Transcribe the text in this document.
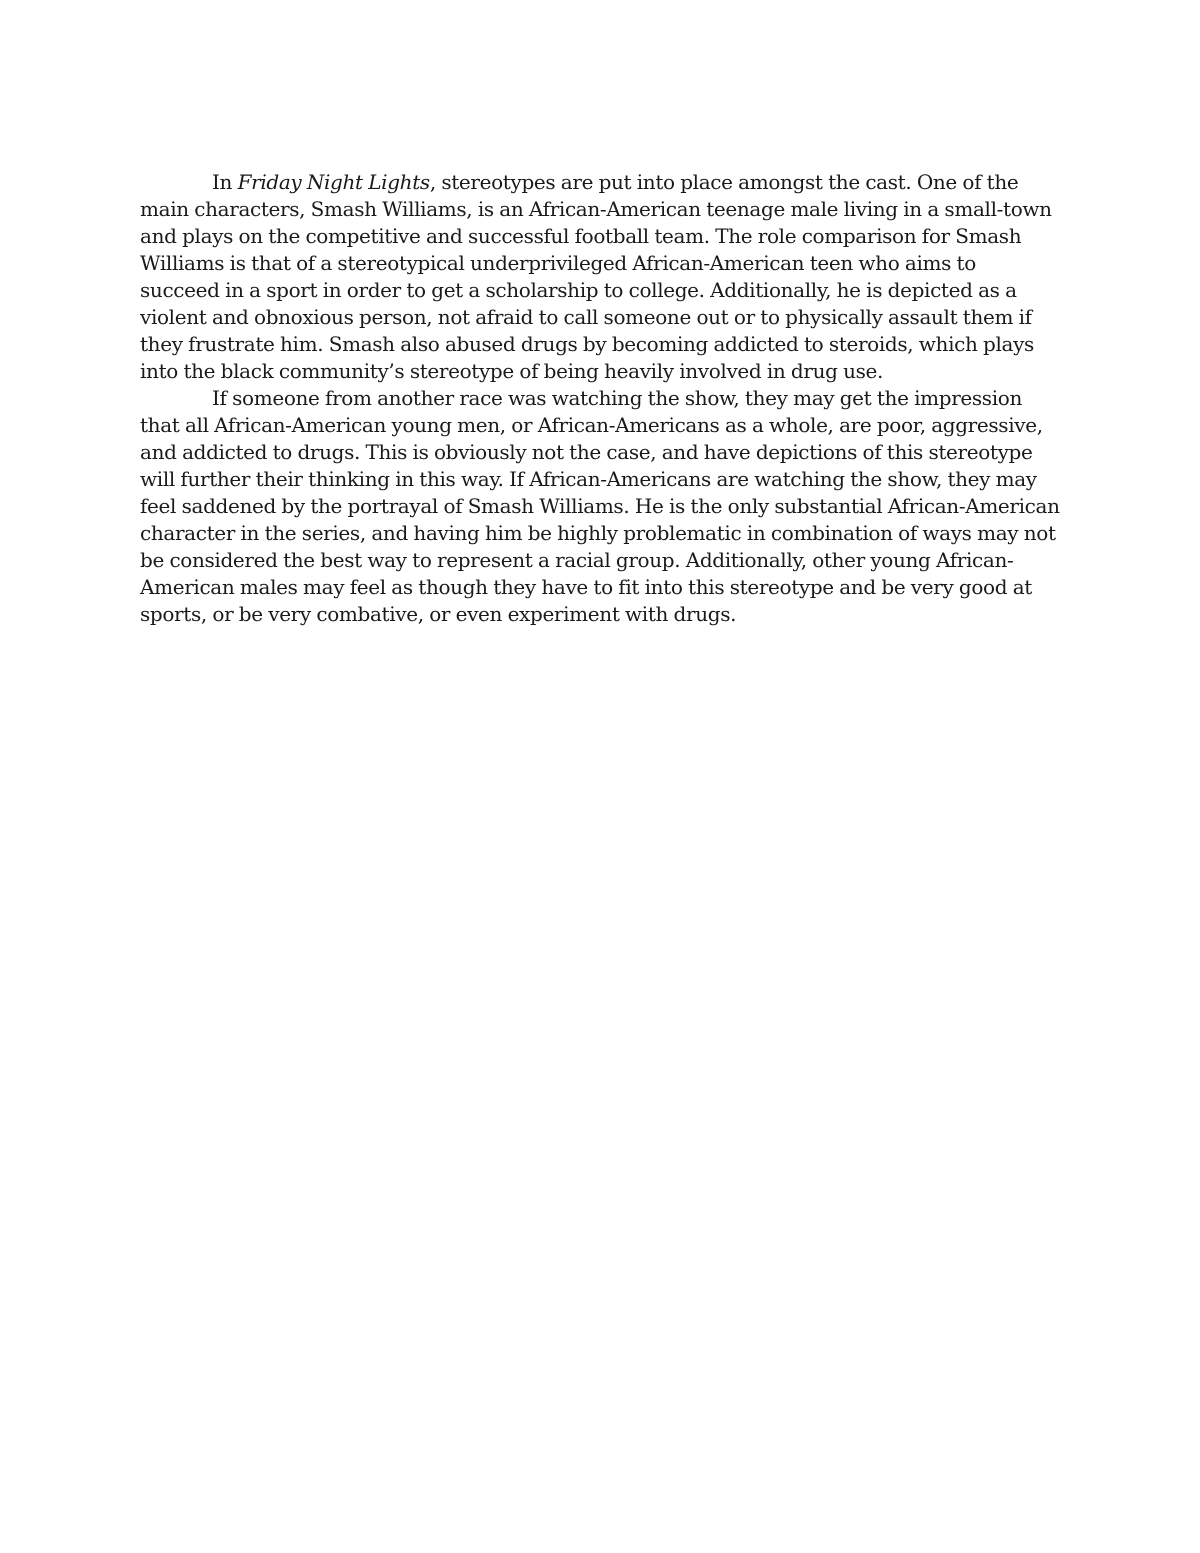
In Friday Night Lights, stereotypes are put into place amongst the cast. One of the main characters, Smash Williams, is an African-American teenage male living in a small-town and plays on the competitive and successful football team. The role comparison for Smash Williams is that of a stereotypical underprivileged African-American teen who aims to succeed in a sport in order to get a scholarship to college. Additionally, he is depicted as a violent and obnoxious person, not afraid to call someone out or to physically assault them if they frustrate him. Smash also abused drugs by becoming addicted to steroids, which plays into the black community’s stereotype of being heavily involved in drug use.

If someone from another race was watching the show, they may get the impression that all African-American young men, or African-Americans as a whole, are poor, aggressive, and addicted to drugs. This is obviously not the case, and have depictions of this stereotype will further their thinking in this way. If African-Americans are watching the show, they may feel saddened by the portrayal of Smash Williams. He is the only substantial African-American character in the series, and having him be highly problematic in combination of ways may not be considered the best way to represent a racial group. Additionally, other young African-American males may feel as though they have to fit into this stereotype and be very good at sports, or be very combative, or even experiment with drugs.
